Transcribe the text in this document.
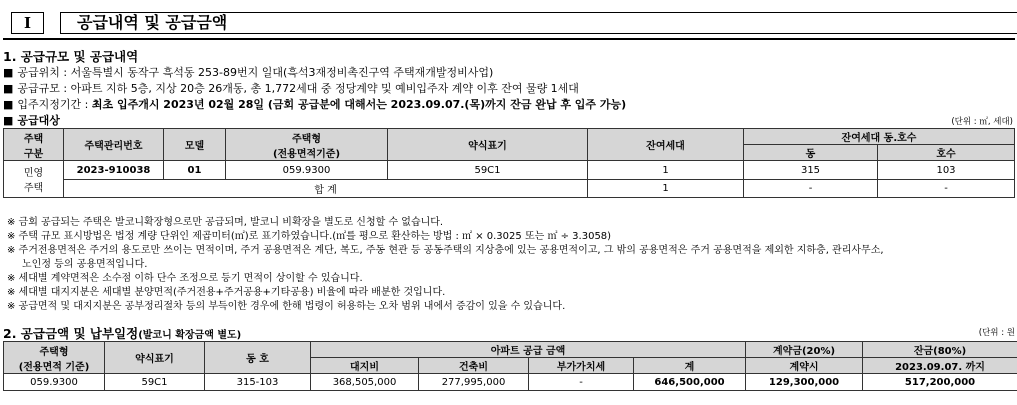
I	공급내역 및 공급금액
1. 공급규모 및 공급내역
■ 공급위치 : 서울특별시 동작구 흑석동 253-89번지 일대(흑석3재정비촉진구역 주택재개발정비사업)
■ 공급규모 : 아파트 지하 5층, 지상 20층 26개동, 총 1,772세대 중 정당계약 및 예비입주자 계약 이후 잔여 물량 1세대
■ 입주지정기간 : 최초 입주개시 2023년 02월 28일 (금회 공급분에 대해서는 2023.09.07.(목)까지 잔금 완납 후 입주 가능)
■ 공급대상	(단위 : ㎡, 세대)
주택
구분	주택관리번호	모델	주택형
(전용면적기준)	약식표기	잔여세대	잔여세대 동.호수	
						동	호수
민영
주택	2023-910038	01	059.9300	59C1	1	315	103
	합 계				1	-	-
※ 금회 공급되는 주택은 발코니확장형으로만 공급되며, 발코니 비확장을 별도로 신청할 수 없습니다.
※ 주택 규모 표시방법은 법정 계량 단위인 제곱미터(㎡)로 표기하였습니다.(㎡를 평으로 환산하는 방법 : ㎡ × 0.3025 또는 ㎡ ÷ 3.3058)
※ 주거전용면적은 주거의 용도로만 쓰이는 면적이며, 주거 공용면적은 계단, 복도, 주동 현관 등 공동주택의 지상층에 있는 공용면적이고, 그 밖의 공용면적은 주거 공용면적을 제외한 지하층, 관리사무소,
노인정 등의 공용면적입니다.
※ 세대별 계약면적은 소수점 이하 단수 조정으로 등기 면적이 상이할 수 있습니다.
※ 세대별 대지지분은 세대별 분양면적(주거전용+주거공용+기타공용) 비율에 따라 배분한 것입니다.
※ 공급면적 및 대지지분은 공부정리절차 등의 부득이한 경우에 한해 법령이 허용하는 오차 범위 내에서 증감이 있을 수 있습니다.
2. 공급금액 및 납부일정(발코니 확장금액 별도)	(단위 : 원
주택형
(전용면적 기준)	약식표기	동 호	아파트 공급 금액				계약금(20%)	잔금(80%)
			대지비	건축비	부가가치세	계	계약시	2023.09.07. 까지
059.9300	59C1	315-103	368,505,000	277,995,000	-	646,500,000	129,300,000	517,200,000
